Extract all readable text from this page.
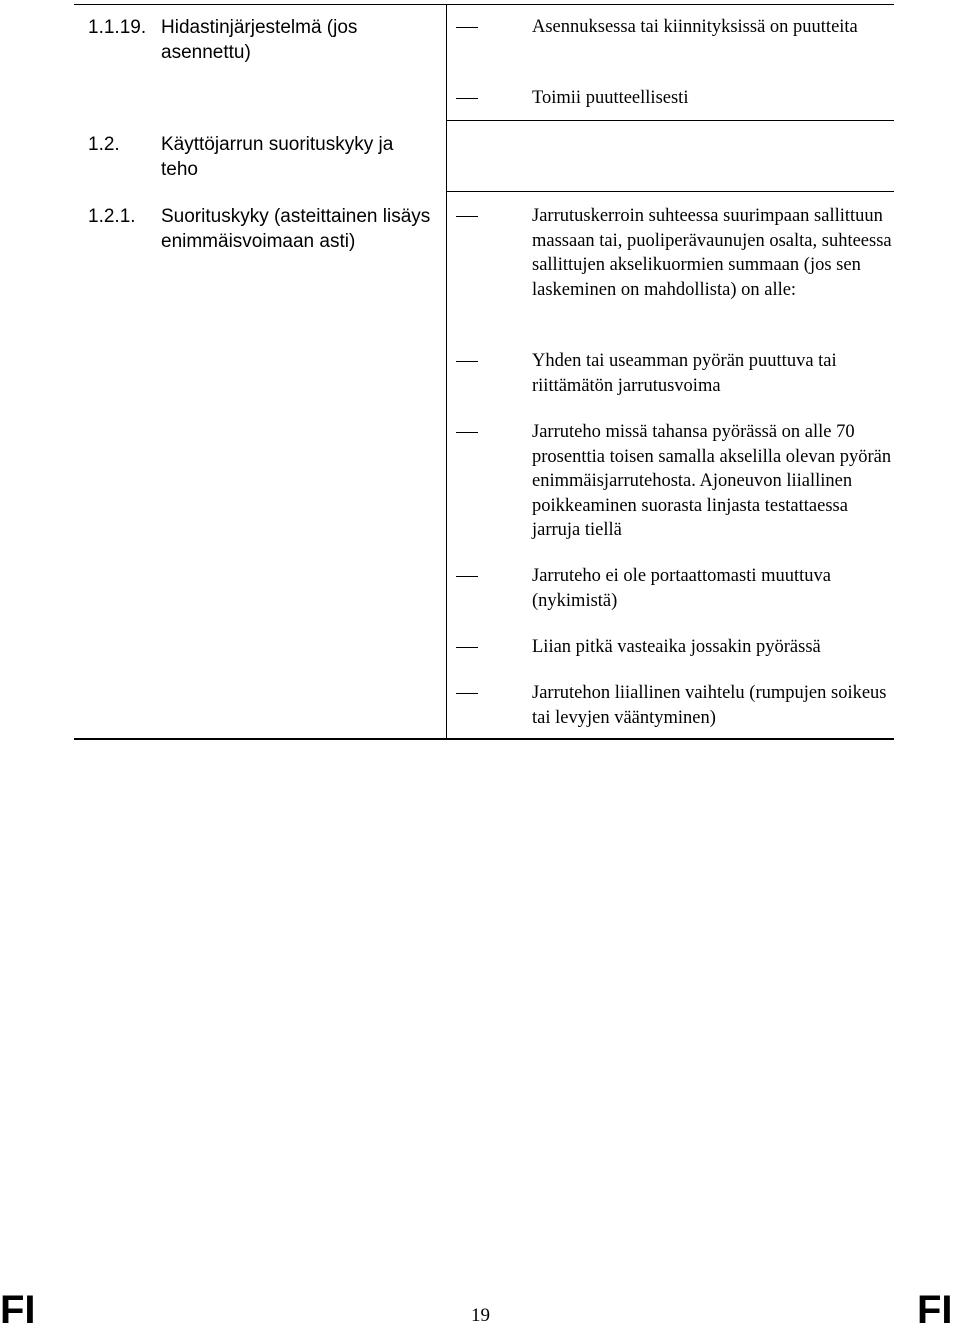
1.1.19. Hidastinjärjestelmä (jos asennettu)
1.2. Käyttöjarrun suorituskyky ja teho
1.2.1. Suorituskyky (asteittainen lisäys enimmäisvoimaan asti)
Asennuksessa tai kiinnityksissä on puutteita
Toimii puutteellisesti
Jarrutuskerroin suhteessa suurimpaan sallittuun massaan tai, puoliperävaunujen osalta, suhteessa sallittujen akselikuormien summaan (jos sen laskeminen on mahdollista) on alle:
Yhden tai useamman pyörän puuttuva tai riittämätön jarrutusvoima
Jarruteho missä tahansa pyörässä on alle 70 prosenttia toisen samalla akselilla olevan pyörän enimmäisjarrutehosta. Ajoneuvon liiallinen poikkeaminen suorasta linjasta testattaessa jarruja tiellä
Jarruteho ei ole portaattomasti muuttuva (nykimistä)
Liian pitkä vasteaika jossakin pyörässä
Jarrutehon liiallinen vaihtelu (rumpujen soikeus tai levyjen vääntyminen)
FI	19	FI
